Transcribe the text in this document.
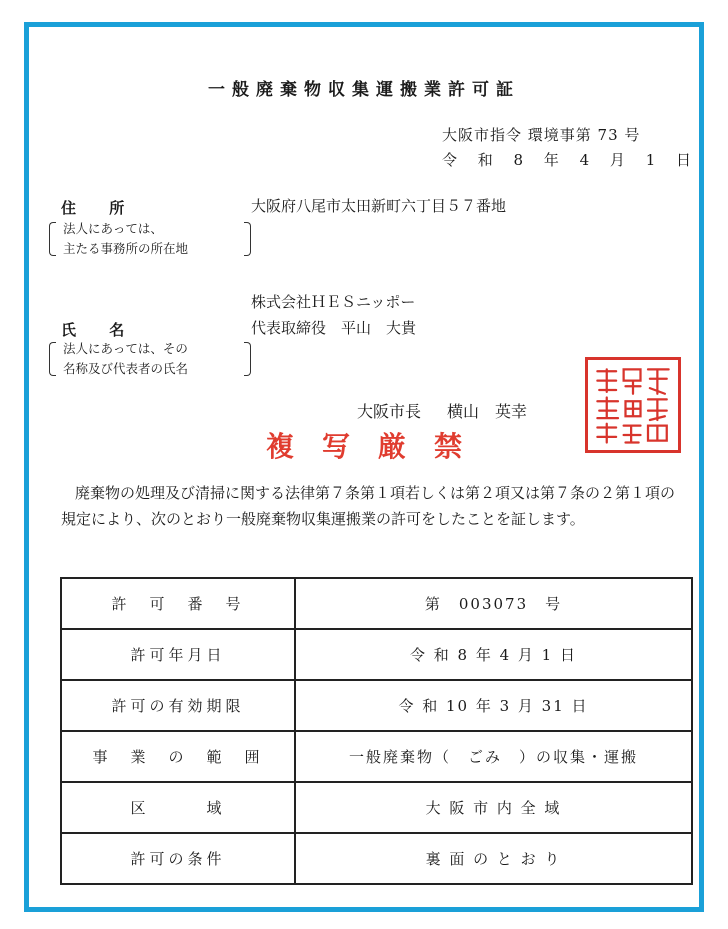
一般廃棄物収集運搬業許可証
大阪市指令 環境事第 73 号
令 和 8 年 4 月 1 日
住 所
法人にあっては、
主たる事務所の所在地
大阪府八尾市太田新町六丁目５７番地
株式会社ＨＥＳニッポー
代表取締役　平山　大貴
氏 名
法人にあっては、その
名称及び代表者の氏名
大阪市長 横山　英幸
複写厳禁
廃棄物の処理及び清掃に関する法律第７条第１項若しくは第２項又は第７条の２第１項の規定により、次のとおり一般廃棄物収集運搬業の許可をしたことを証します。
許　可　番　号	第　003073　号
許可年月日	令 和 8 年 4 月 1 日
許可の有効期限	令 和 10 年 3 月 31 日
事　業　の　範　囲	一般廃棄物（　ごみ　）の収集・運搬
区　　　域	大 阪 市 内 全 域
許可の条件	裏 面 の と お り
